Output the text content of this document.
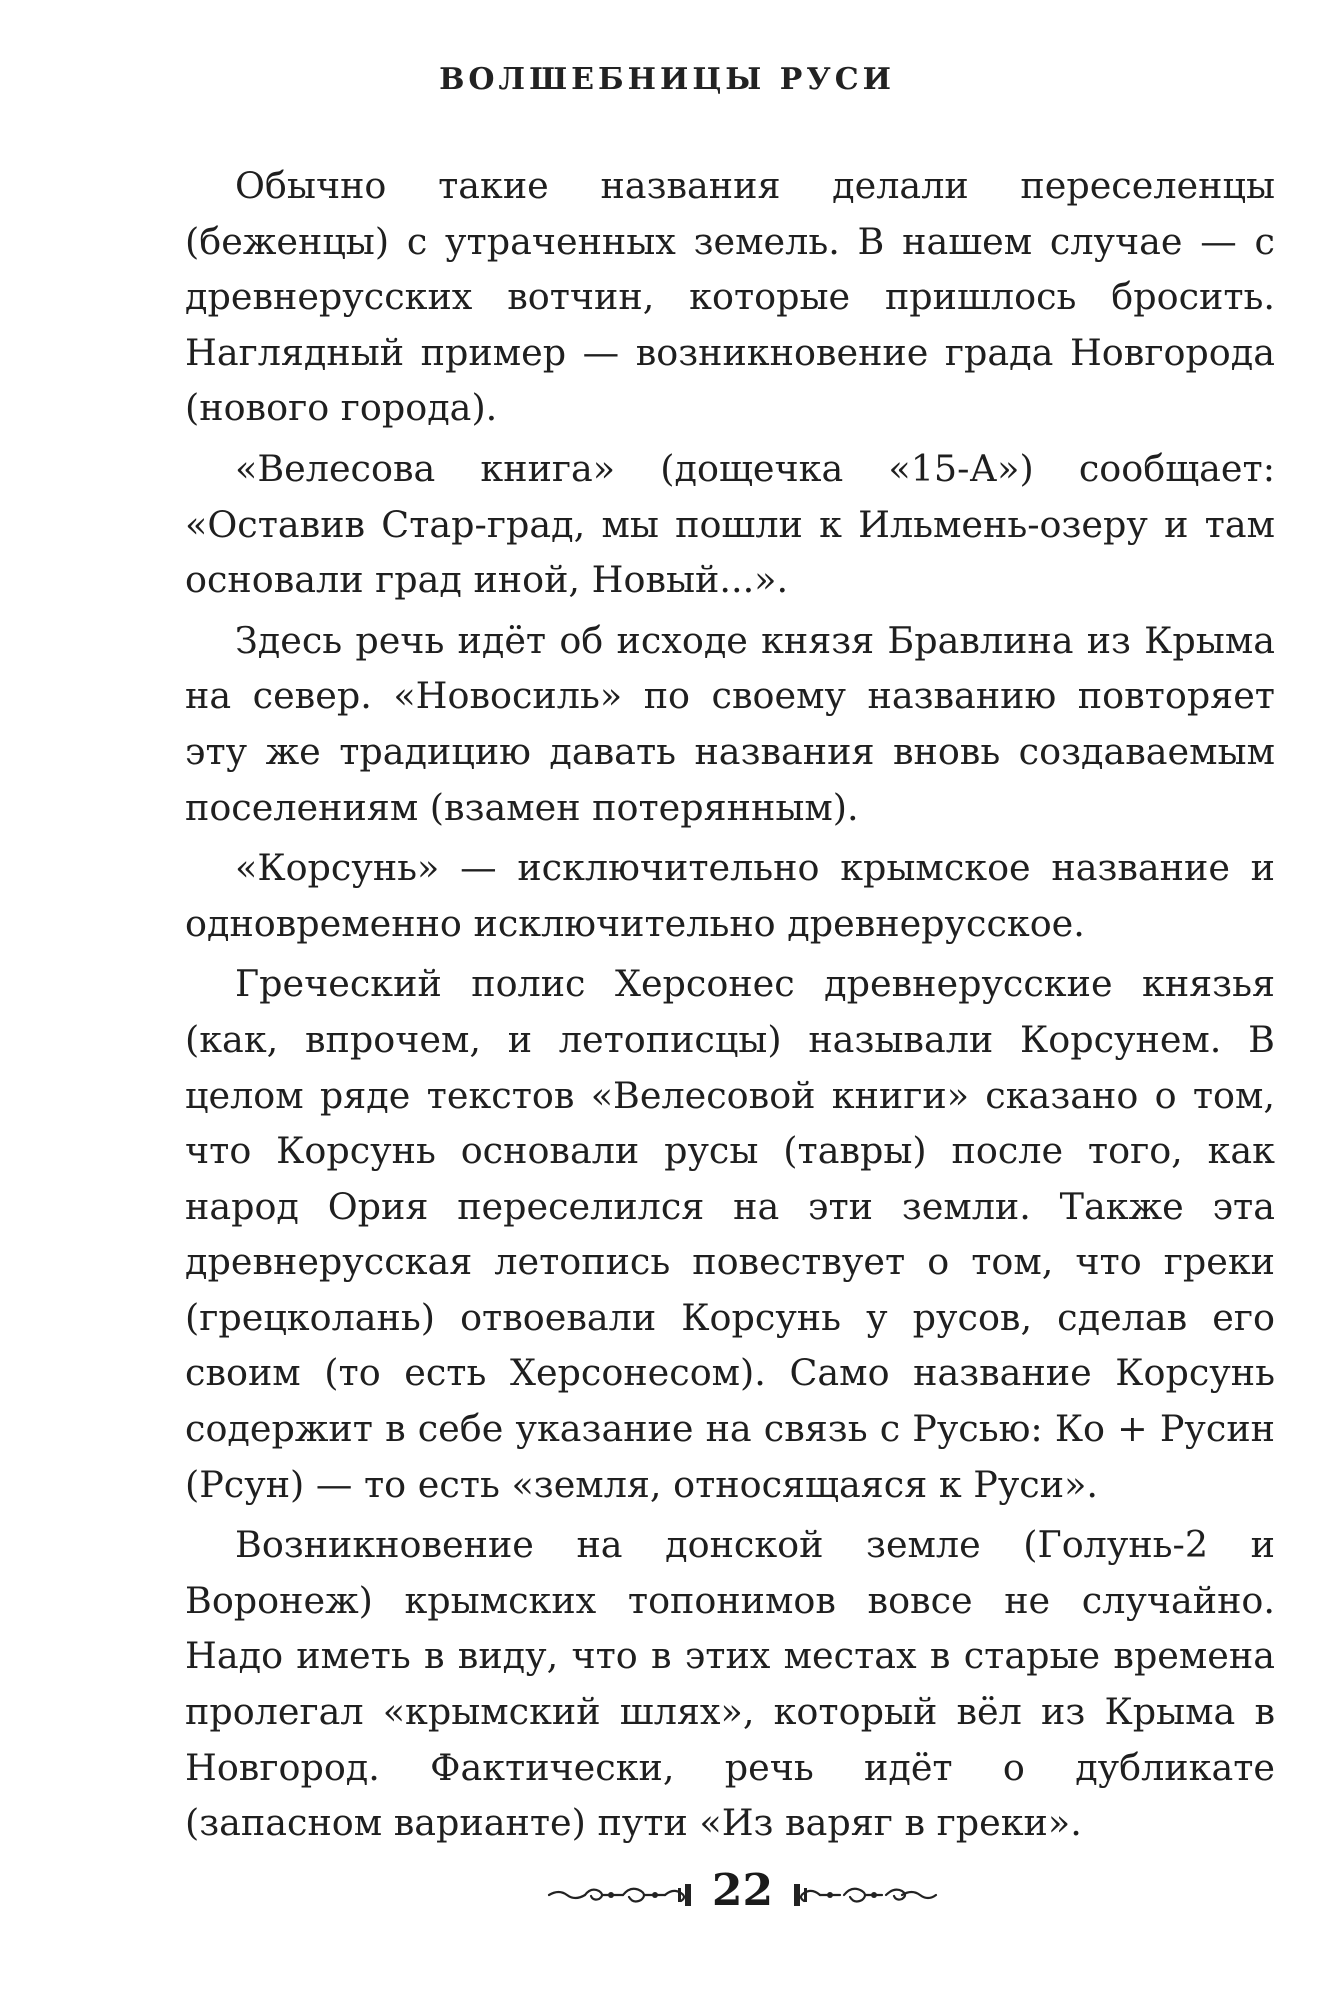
ВОЛШЕБНИЦЫ РУСИ

Обычно такие названия делали переселенцы (беженцы) с утраченных земель. В нашем случае — с древнерусских вотчин, которые пришлось бросить. Наглядный пример — возникновение града Новгорода (нового города).

«Велесова книга» (дощечка «15-А») сообщает: «Оставив Стар-град, мы пошли к Ильмень-озеру и там основали град иной, Новый...».

Здесь речь идёт об исходе князя Бравлина из Крыма на север. «Новосиль» по своему названию повторяет эту же традицию давать названия вновь создаваемым поселениям (взамен потерянным).

«Корсунь» — исключительно крымское название и одновременно исключительно древнерусское.

Греческий полис Херсонес древнерусские князья (как, впрочем, и летописцы) называли Корсунем. В целом ряде текстов «Велесовой книги» сказано о том, что Корсунь основали русы (тавры) после того, как народ Ория переселился на эти земли. Также эта древнерусская летопись повествует о том, что греки (грецколань) отвоевали Корсунь у русов, сделав его своим (то есть Херсонесом). Само название Корсунь содержит в себе указание на связь с Русью: Ко + Русин (Рсун) — то есть «земля, относящаяся к Руси».

Возникновение на донской земле (Голунь-2 и Воронеж) крымских топонимов вовсе не случайно. Надо иметь в виду, что в этих местах в старые времена пролегал «крымский шлях», который вёл из Крыма в Новгород. Фактически, речь идёт о дубликате (запасном варианте) пути «Из варяг в греки».

22
